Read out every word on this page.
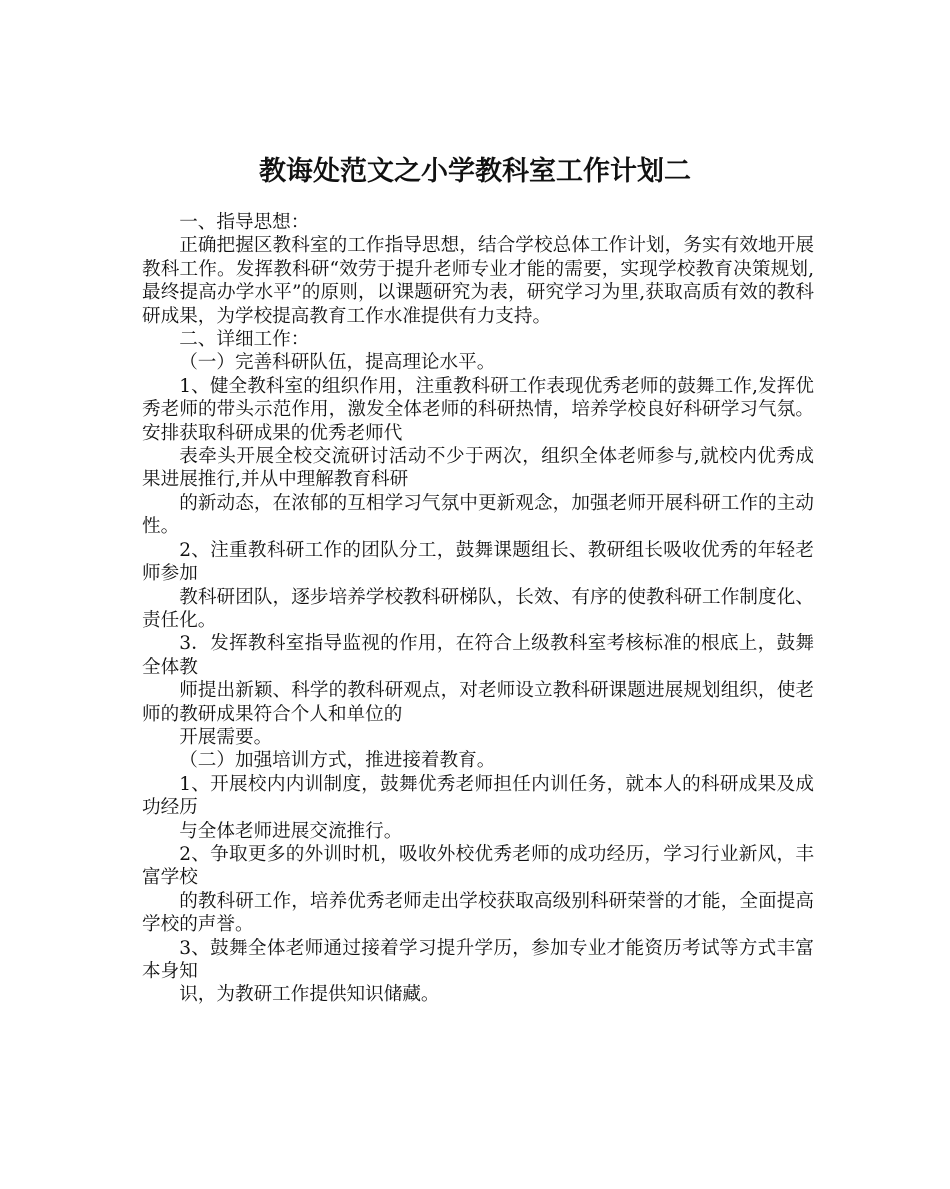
教诲处范文之小学教科室工作计划二

一、指导思想：

正确把握区教科室的工作指导思想，结合学校总体工作计划，务实有效地开展教科工作。发挥教科研“效劳于提升老师专业才能的需要，实现学校教育决策规划,最终提高办学水平”的原则，以课题研究为表，研究学习为里,获取高质有效的教科研成果，为学校提高教育工作水准提供有力支持。

二、详细工作：

（一）完善科研队伍，提高理论水平。

1、健全教科室的组织作用，注重教科研工作表现优秀老师的鼓舞工作,发挥优秀老师的带头示范作用，激发全体老师的科研热情，培养学校良好科研学习气氛。安排获取科研成果的优秀老师代

表牵头开展全校交流研讨活动不少于两次，组织全体老师参与,就校内优秀成果进展推行,并从中理解教育科研

的新动态，在浓郁的互相学习气氛中更新观念，加强老师开展科研工作的主动性。

2、注重教科研工作的团队分工，鼓舞课题组长、教研组长吸收优秀的年轻老师参加

教科研团队，逐步培养学校教科研梯队，长效、有序的使教科研工作制度化、责任化。

3．发挥教科室指导监视的作用，在符合上级教科室考核标准的根底上，鼓舞全体教

师提出新颖、科学的教科研观点，对老师设立教科研课题进展规划组织，使老师的教研成果符合个人和单位的

开展需要。

（二）加强培训方式，推进接着教育。

1、开展校内内训制度，鼓舞优秀老师担任内训任务，就本人的科研成果及成功经历

与全体老师进展交流推行。

2、争取更多的外训时机，吸收外校优秀老师的成功经历，学习行业新风，丰富学校

的教科研工作，培养优秀老师走出学校获取高级别科研荣誉的才能，全面提高学校的声誉。

3、鼓舞全体老师通过接着学习提升学历，参加专业才能资历考试等方式丰富本身知

识，为教研工作提供知识储藏。
